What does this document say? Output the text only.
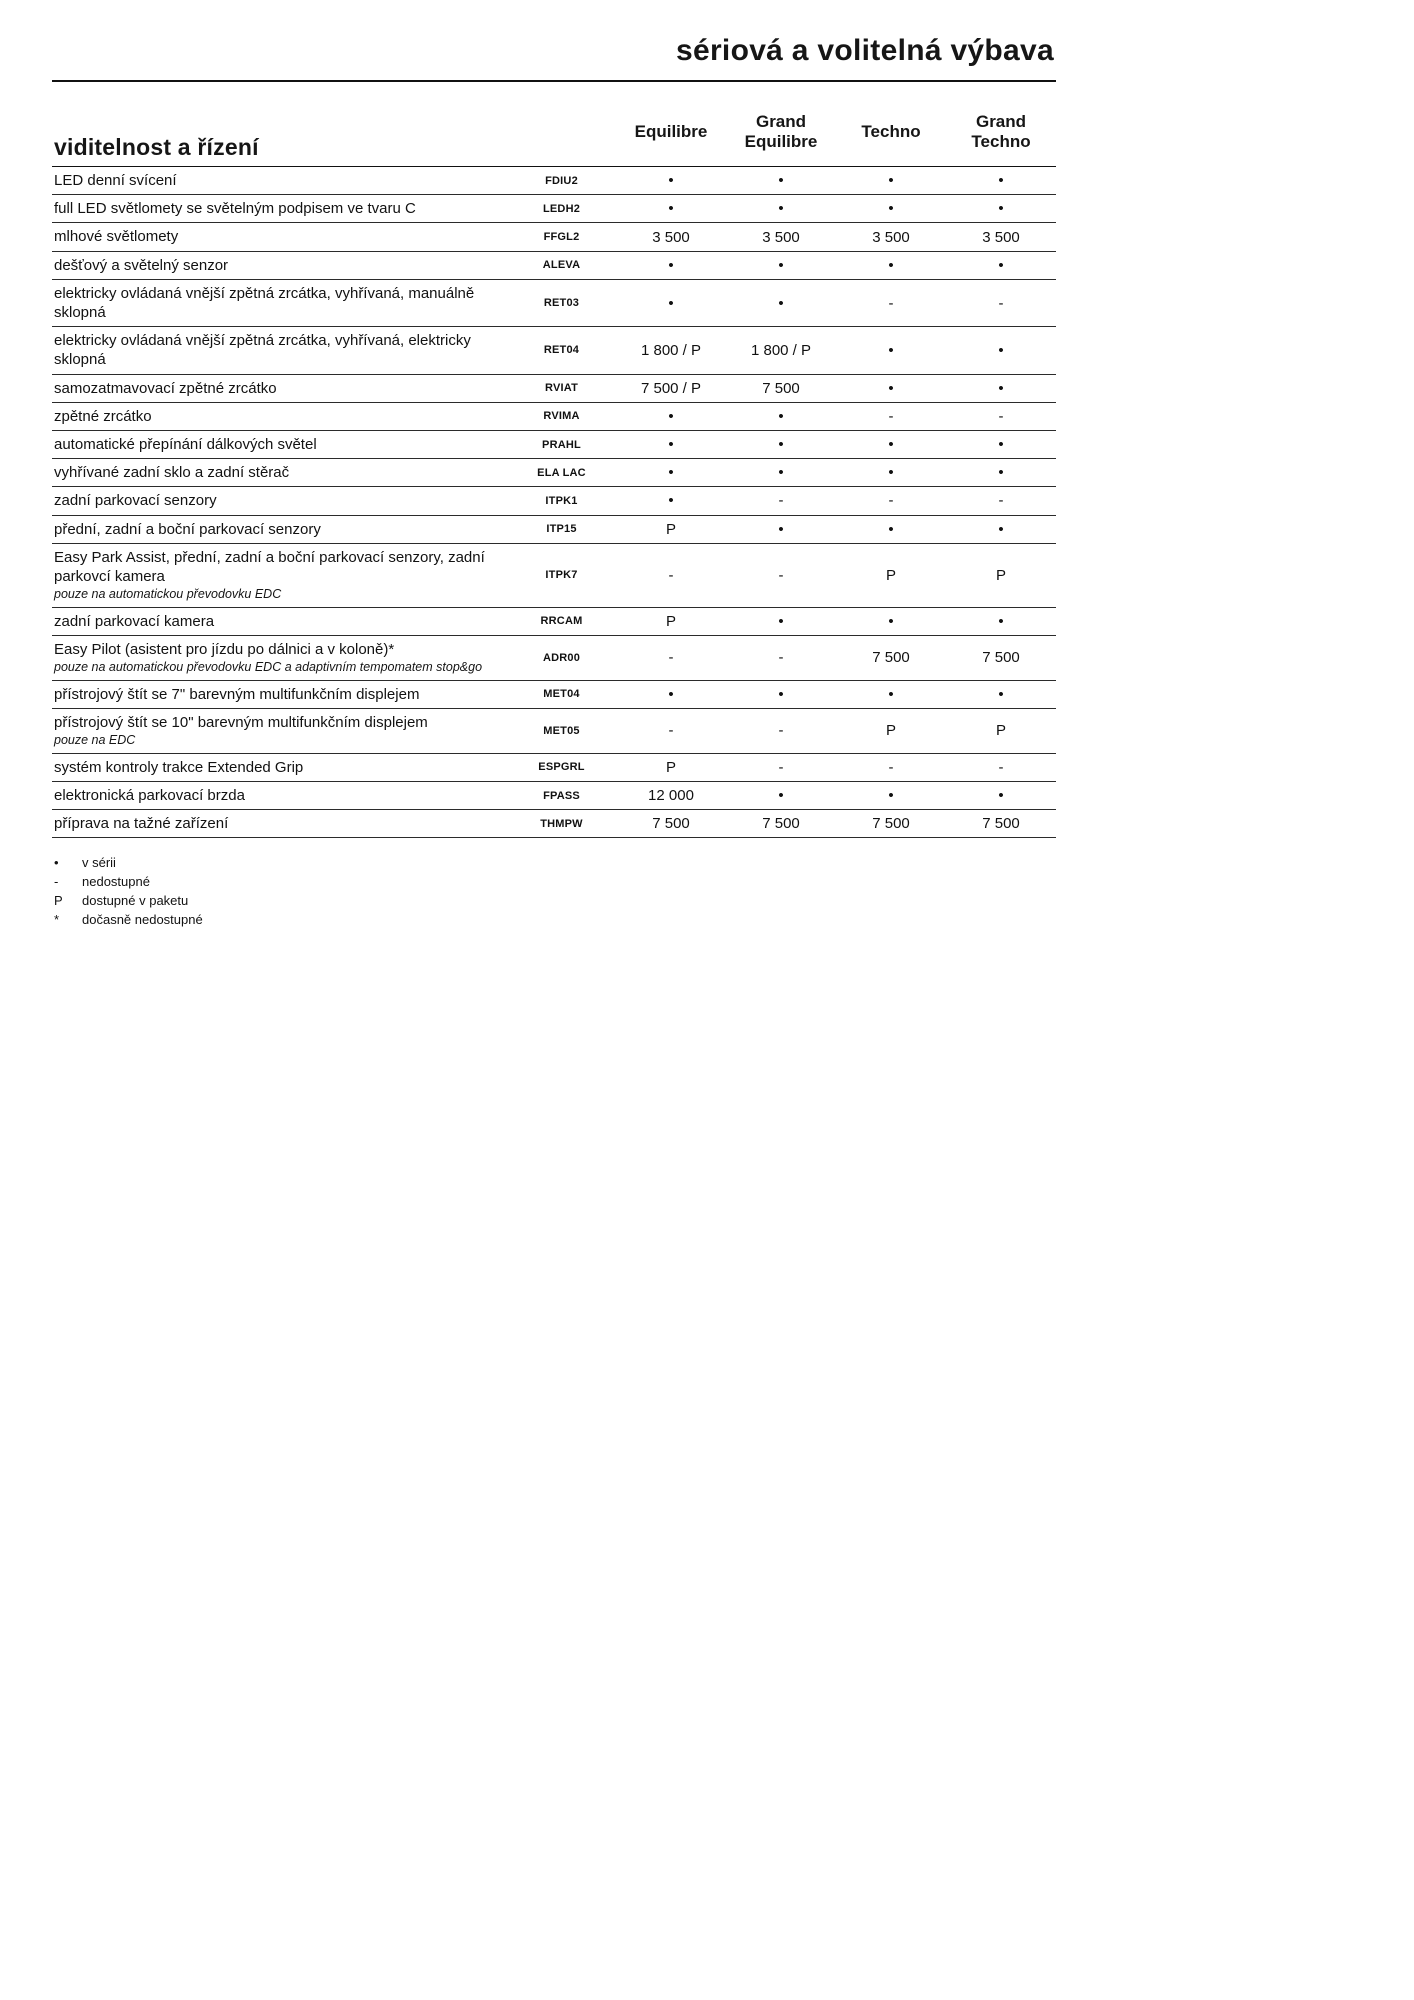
sériová a volitelná výbava
viditelnost a řízení		Equilibre	Grand Equilibre	Techno	Grand Techno
LED denní svícení	FDIU2	•	•	•	•
full LED světlomety se světelným podpisem ve tvaru C	LEDH2	•	•	•	•
mlhové světlomety	FFGL2	3 500	3 500	3 500	3 500
dešťový a světelný senzor	ALEVA	•	•	•	•
elektricky ovládaná vnější zpětná zrcátka, vyhřívaná, manuálně sklopná	RET03	•	•	-	-
elektricky ovládaná vnější zpětná zrcátka, vyhřívaná, elektricky sklopná	RET04	1 800 / P	1 800 / P	•	•
samozatmavovací zpětné zrcátko	RVIAT	7 500 / P	7 500	•	•
zpětné zrcátko	RVIMA	•	•	-	-
automatické přepínání dálkových světel	PRAHL	•	•	•	•
vyhřívané zadní sklo a zadní stěrač	ELA LAC	•	•	•	•
zadní parkovací senzory	ITPK1	•	-	-	-
přední, zadní a boční parkovací senzory	ITP15	P	•	•	•
Easy Park Assist, přední, zadní a boční parkovací senzory, zadní parkovcí kamera
pouze na automatickou převodovku EDC	ITPK7	-	-	P	P
zadní parkovací kamera	RRCAM	P	•	•	•
Easy Pilot (asistent pro jízdu po dálnici a v koloně)*
pouze na automatickou převodovku EDC a adaptivním tempomatem stop&go	ADR00	-	-	7 500	7 500
přístrojový štít se 7" barevným multifunkčním displejem	MET04	•	•	•	•
přístrojový štít se 10" barevným multifunkčním displejem
pouze na EDC	MET05	-	-	P	P
systém kontroly trakce Extended Grip	ESPGRL	P	-	-	-
elektronická parkovací brzda	FPASS	12 000	•	•	•
příprava na tažné zařízení	THMPW	7 500	7 500	7 500	7 500
• v sérii
- nedostupné
P dostupné v paketu
* dočasně nedostupné
